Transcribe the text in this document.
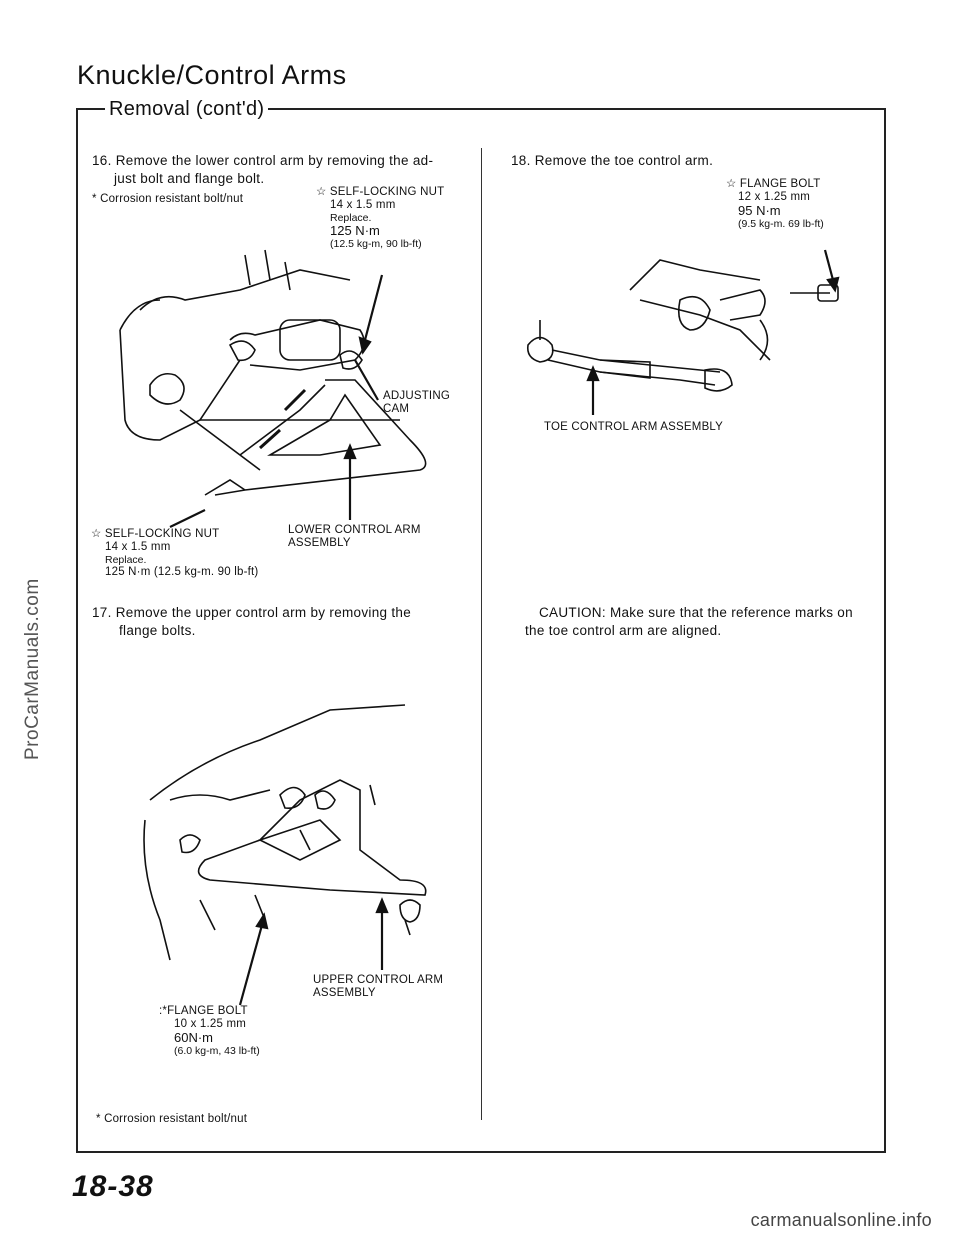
Knuckle/Control Arms
Removal (cont'd)
16. Remove the lower control arm by removing the ad-
just bolt and flange bolt.
* Corrosion resistant bolt/nut
☆ SELF-LOCKING NUT
14 x 1.5 mm
Replace.
125 N·m
(12.5 kg-m, 90 lb-ft)
ADJUSTING
CAM
LOWER CONTROL ARM
ASSEMBLY
☆ SELF-LOCKING NUT
14 x 1.5 mm
Replace.
125 N·m (12.5 kg-m. 90 lb-ft)
17. Remove the upper control arm by removing the
flange bolts.
UPPER CONTROL ARM
ASSEMBLY
:*FLANGE BOLT
10 x 1.25 mm
60N·m
(6.0 kg-m, 43 lb-ft)
* Corrosion resistant bolt/nut
18. Remove the toe control arm.
☆ FLANGE BOLT
12 x 1.25 mm
95 N·m
(9.5 kg-m. 69 lb-ft)
TOE CONTROL ARM ASSEMBLY
CAUTION: Make sure that the reference marks on
the toe control arm are aligned.
18-38
ProCarManuals.com
carmanualsonline.info
